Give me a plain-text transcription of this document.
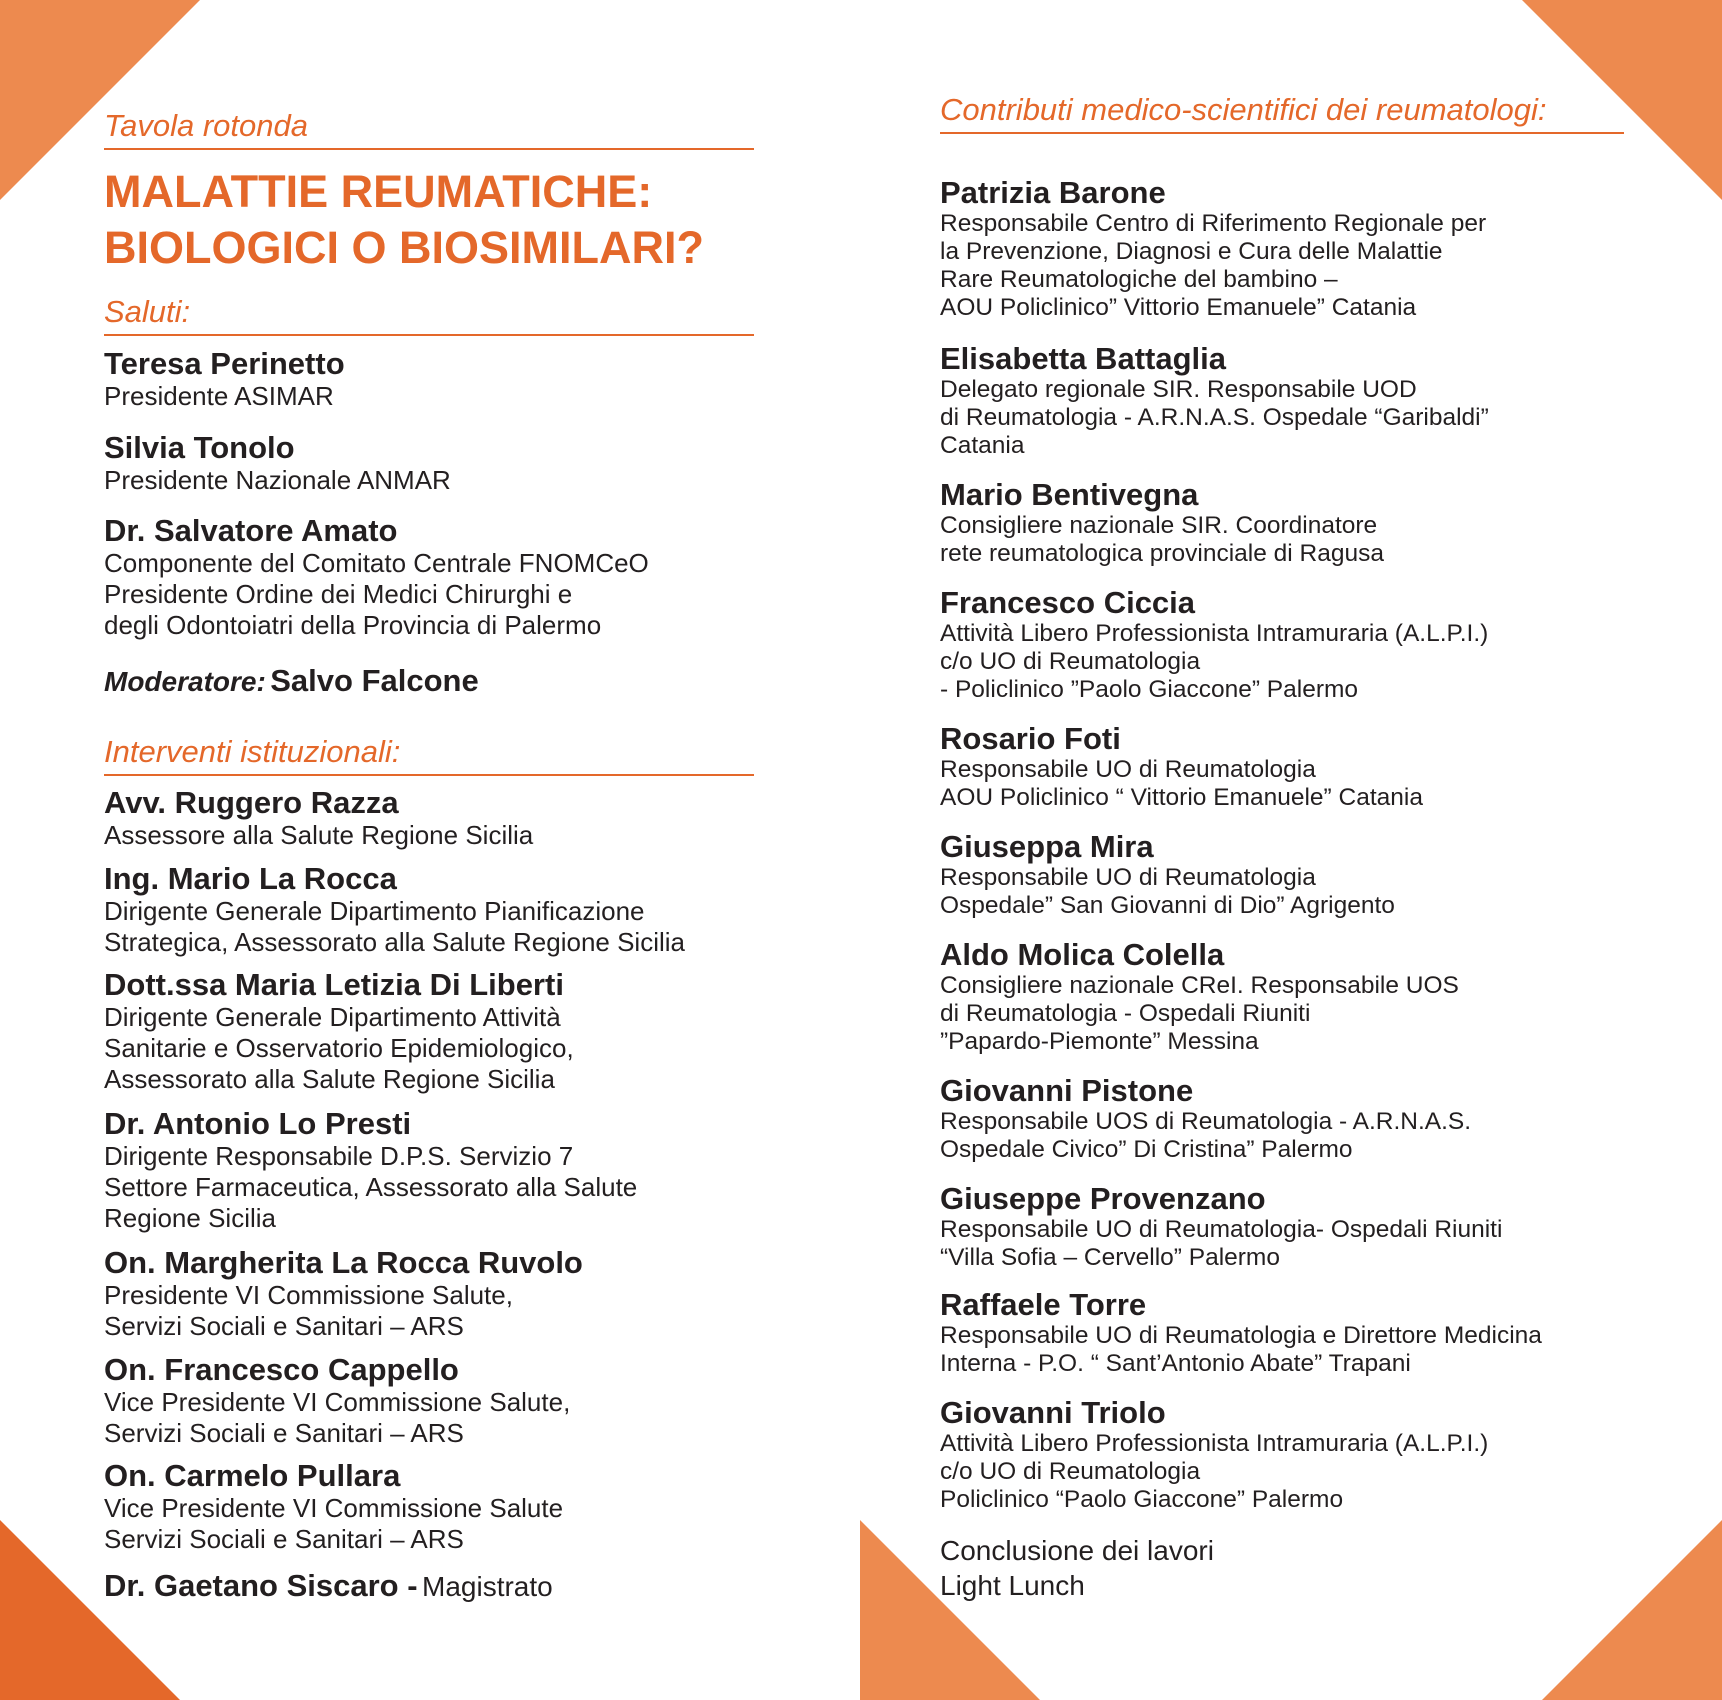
Tavola rotonda
MALATTIE REUMATICHE:
BIOLOGICI O BIOSIMILARI?
Saluti:
Teresa Perinetto
Presidente ASIMAR
Silvia Tonolo
Presidente Nazionale ANMAR
Dr. Salvatore Amato
Componente del Comitato Centrale FNOMCeO
Presidente Ordine dei Medici Chirurghi e
degli Odontoiatri della Provincia di Palermo
Moderatore: Salvo Falcone
Interventi istituzionali:
Avv. Ruggero Razza
Assessore alla Salute Regione Sicilia
Ing. Mario La Rocca
Dirigente Generale Dipartimento Pianificazione
Strategica, Assessorato alla Salute Regione Sicilia
Dott.ssa Maria Letizia Di Liberti
Dirigente Generale Dipartimento Attività
Sanitarie e Osservatorio Epidemiologico,
Assessorato alla Salute Regione Sicilia
Dr. Antonio Lo Presti
Dirigente Responsabile D.P.S. Servizio 7
Settore Farmaceutica, Assessorato alla Salute
Regione Sicilia
On. Margherita La Rocca Ruvolo
Presidente VI Commissione Salute,
Servizi Sociali e Sanitari – ARS
On. Francesco Cappello
Vice Presidente VI Commissione Salute,
Servizi Sociali e Sanitari – ARS
On. Carmelo Pullara
Vice Presidente VI Commissione Salute
Servizi Sociali e Sanitari – ARS
Dr. Gaetano Siscaro - Magistrato
Contributi medico-scientifici dei reumatologi:
Patrizia Barone
Responsabile Centro di Riferimento Regionale per
la Prevenzione, Diagnosi e Cura delle Malattie
Rare Reumatologiche del bambino –
AOU Policlinico” Vittorio Emanuele” Catania
Elisabetta Battaglia
Delegato regionale SIR. Responsabile UOD
di Reumatologia - A.R.N.A.S. Ospedale “Garibaldi”
Catania
Mario Bentivegna
Consigliere nazionale SIR. Coordinatore
rete reumatologica provinciale di Ragusa
Francesco Ciccia
Attività Libero Professionista Intramuraria (A.L.P.I.)
c/o UO di Reumatologia
- Policlinico ”Paolo Giaccone” Palermo
Rosario Foti
Responsabile UO di Reumatologia
AOU Policlinico “ Vittorio Emanuele” Catania
Giuseppa Mira
Responsabile UO di Reumatologia
Ospedale” San Giovanni di Dio” Agrigento
Aldo Molica Colella
Consigliere nazionale CReI. Responsabile UOS
di Reumatologia - Ospedali Riuniti
”Papardo-Piemonte” Messina
Giovanni Pistone
Responsabile UOS di Reumatologia - A.R.N.A.S.
Ospedale Civico” Di Cristina” Palermo
Giuseppe Provenzano
Responsabile UO di Reumatologia- Ospedali Riuniti
“Villa Sofia – Cervello” Palermo
Raffaele Torre
Responsabile UO di Reumatologia e Direttore Medicina
Interna - P.O. “ Sant’Antonio Abate” Trapani
Giovanni Triolo
Attività Libero Professionista Intramuraria (A.L.P.I.)
c/o UO di Reumatologia
Policlinico “Paolo Giaccone” Palermo
Conclusione dei lavori
Light Lunch
